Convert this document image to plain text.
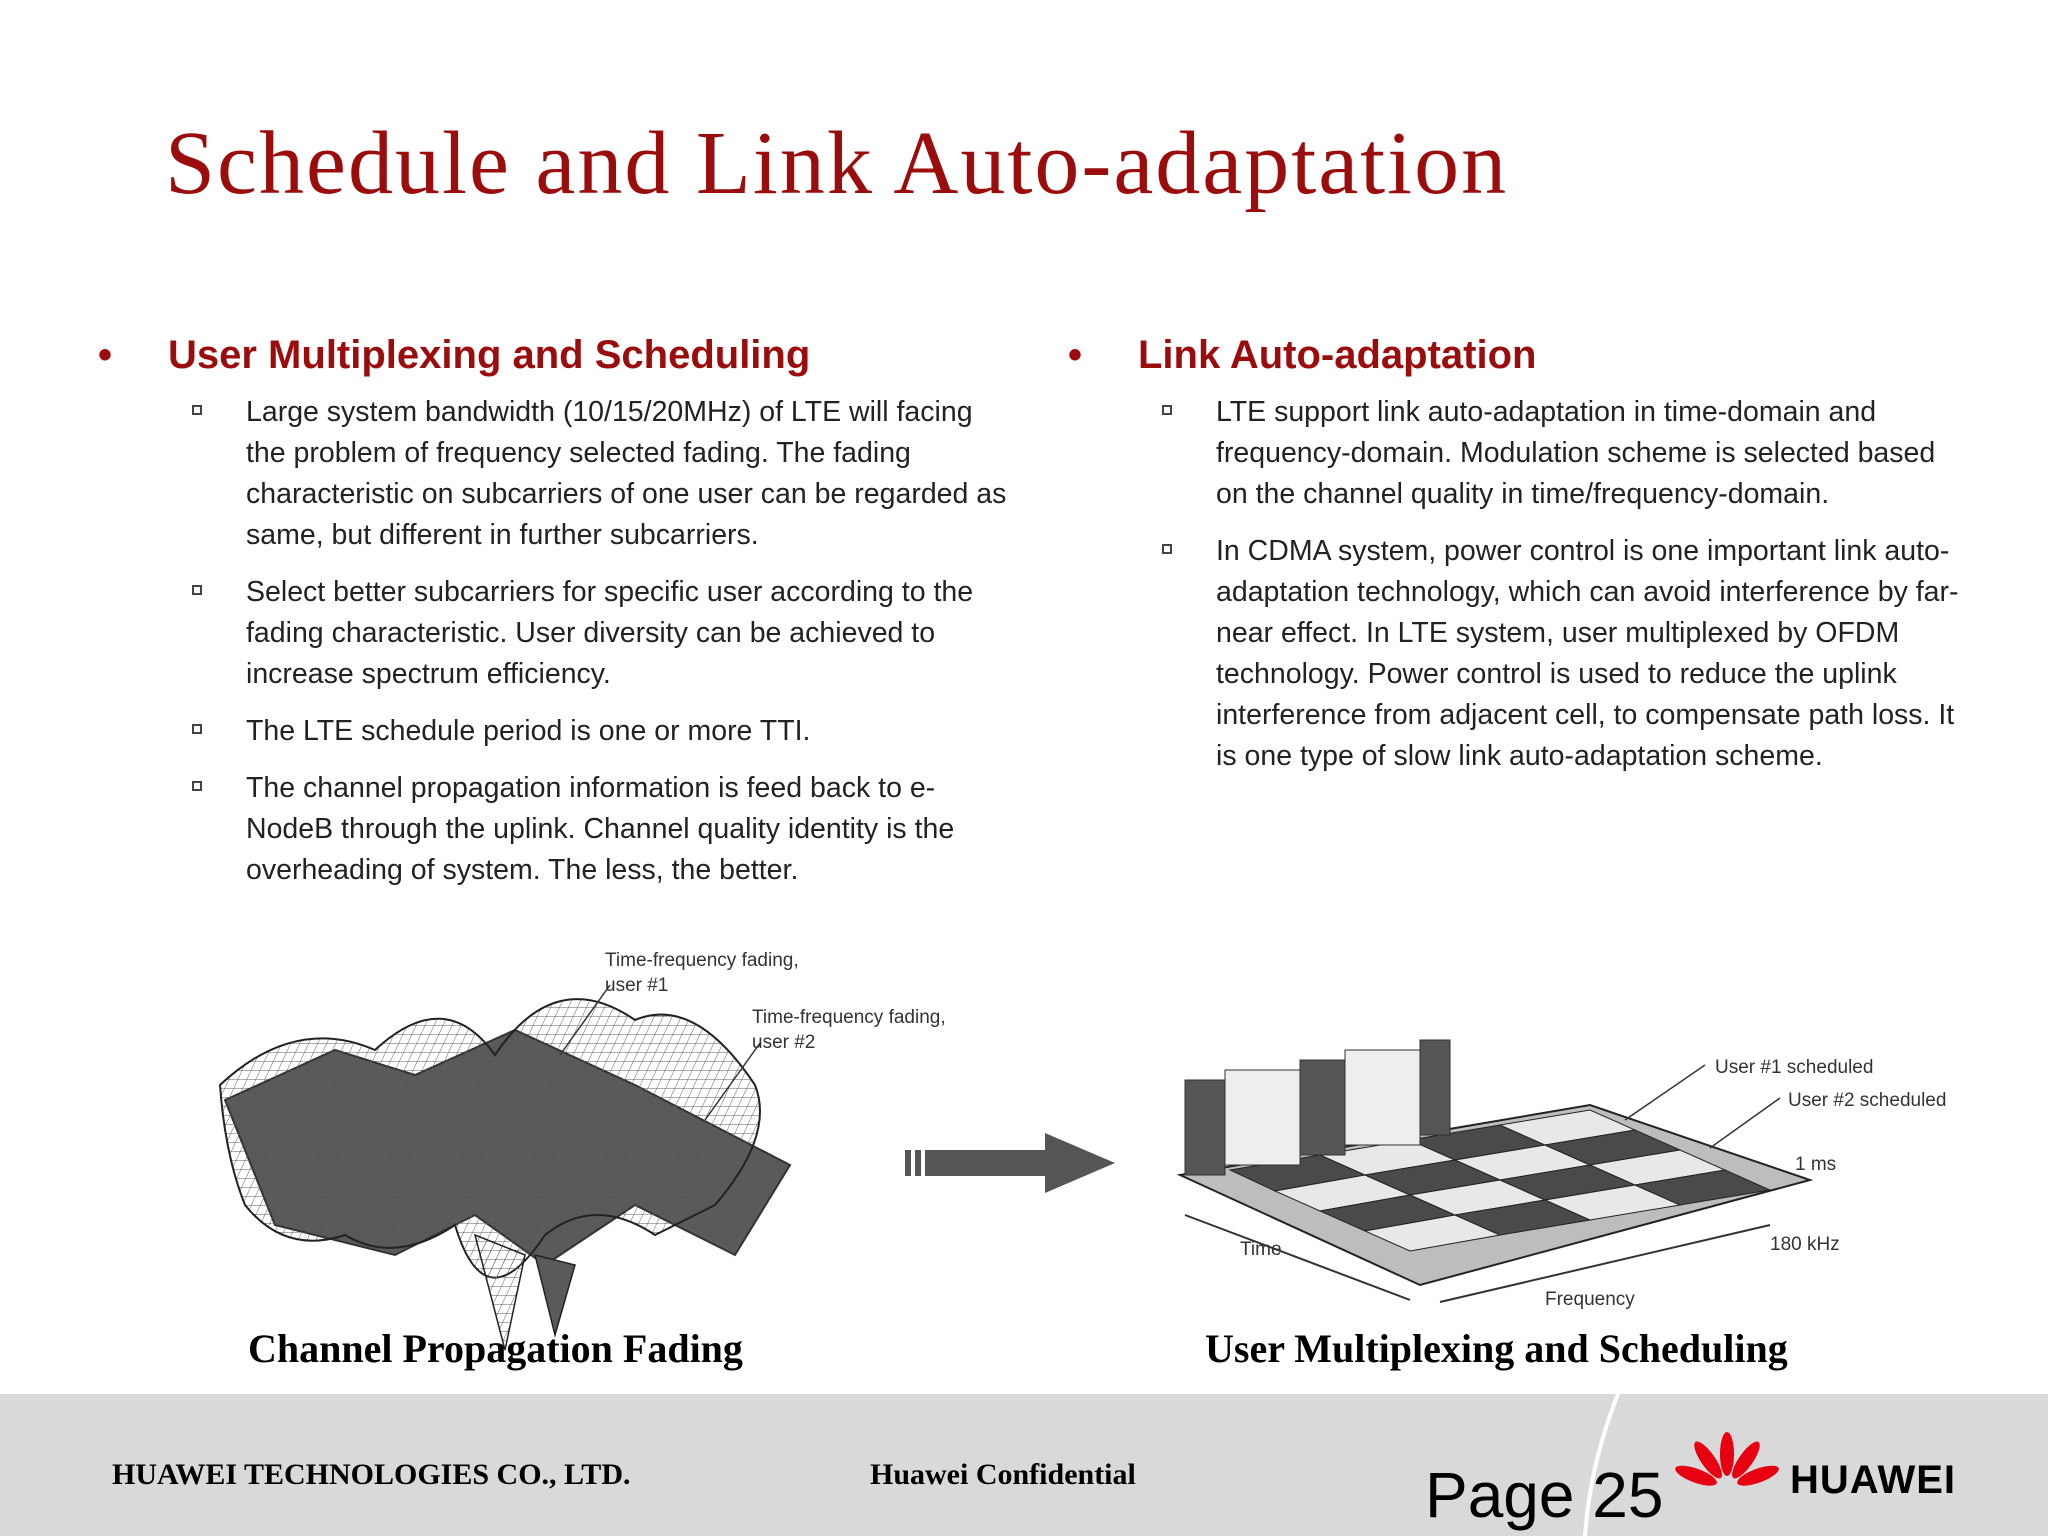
Schedule and Link Auto-adaptation
• User Multiplexing and Scheduling
Large system bandwidth (10/15/20MHz) of LTE will facing the problem of frequency selected fading. The fading characteristic on subcarriers of one user can be regarded as same, but different in further subcarriers.
Select better subcarriers for specific user according to the fading characteristic. User diversity can be achieved to increase spectrum efficiency.
The LTE schedule period is one or more TTI.
The channel propagation information is feed back to e-NodeB through the uplink. Channel quality identity is the overheading of system. The less, the better.
• Link Auto-adaptation
LTE support link auto-adaptation in time-domain and frequency-domain. Modulation scheme is selected based on the channel quality in time/frequency-domain.
In CDMA system, power control is one important link auto-adaptation technology, which can avoid interference by far-near effect. In LTE system, user multiplexed by OFDM technology. Power control is used to reduce the uplink interference from adjacent cell, to compensate path loss. It is one type of slow link auto-adaptation scheme.
Time-frequency fading,
user #1
Time-frequency fading,
user #2
User #1 scheduled
User #2 scheduled
1 ms
180 kHz
Time
Frequency
Channel Propagation Fading	User Multiplexing and Scheduling
HUAWEI TECHNOLOGIES CO., LTD.	Huawei Confidential	Page 25	HUAWEI
